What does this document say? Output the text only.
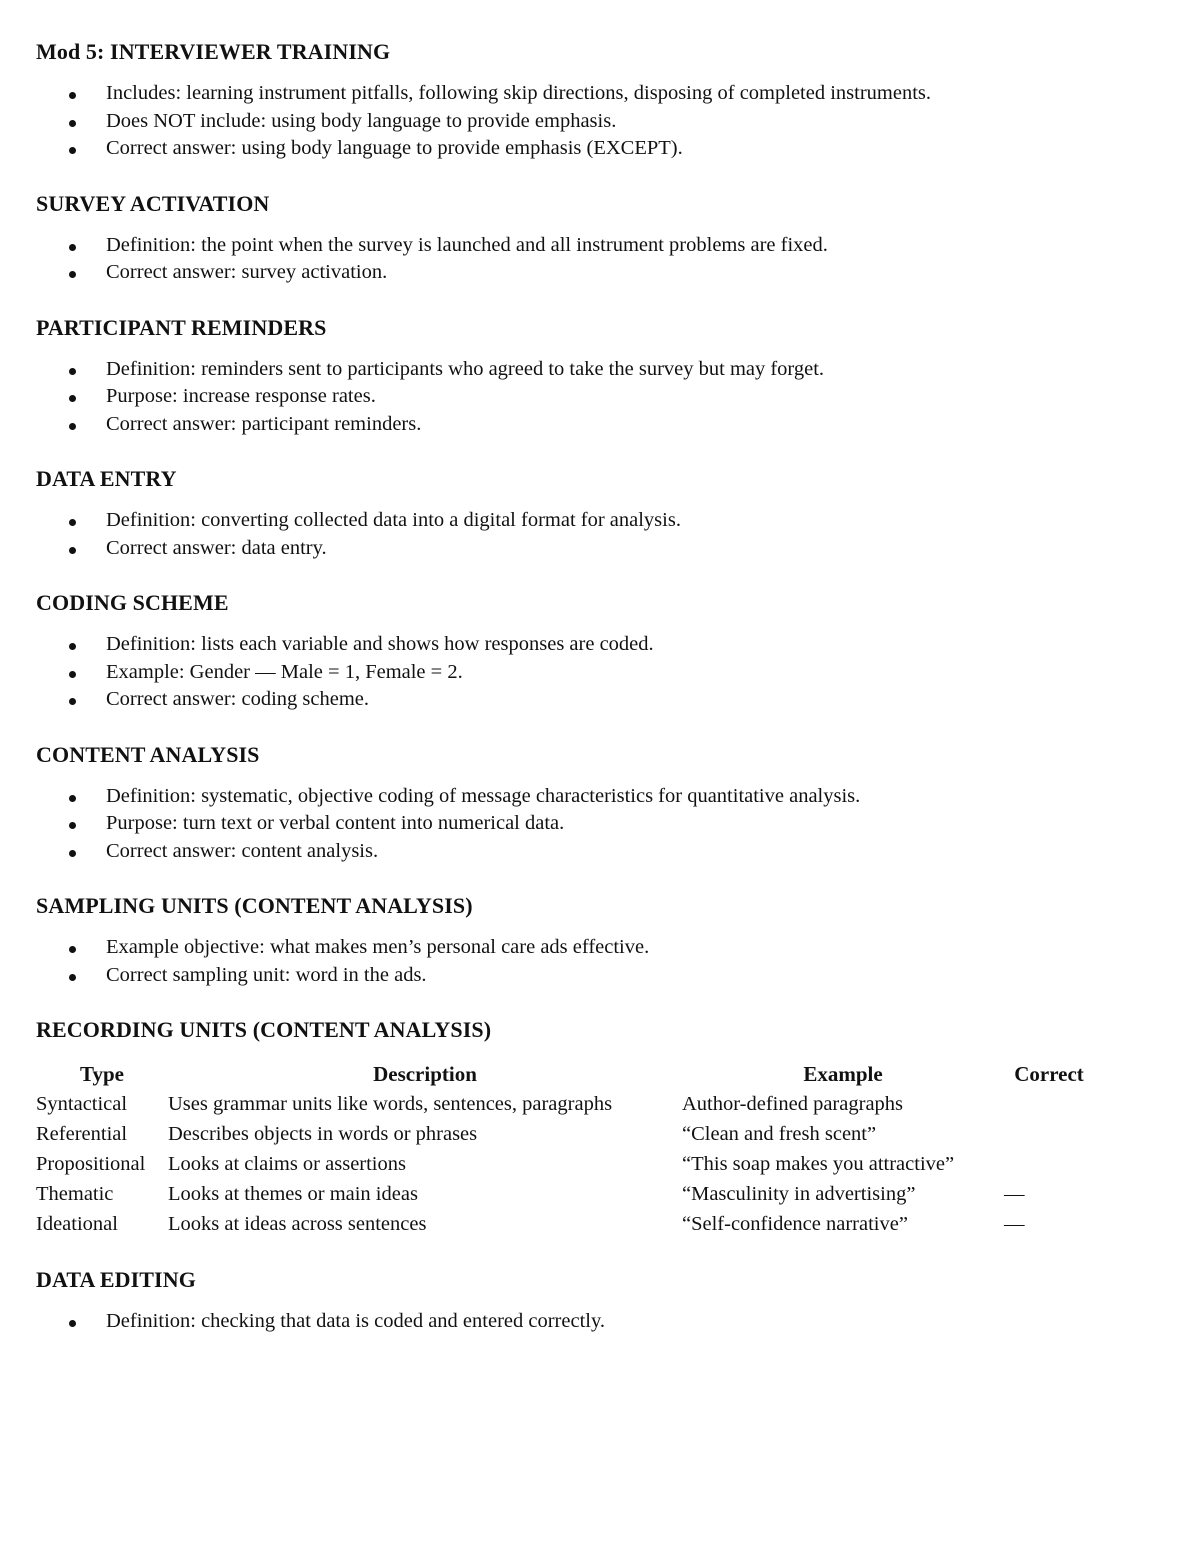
Mod 5: INTERVIEWER TRAINING
Includes: learning instrument pitfalls, following skip directions, disposing of completed instruments.
Does NOT include: using body language to provide emphasis.
Correct answer: using body language to provide emphasis (EXCEPT).
SURVEY ACTIVATION
Definition: the point when the survey is launched and all instrument problems are fixed.
Correct answer: survey activation.
PARTICIPANT REMINDERS
Definition: reminders sent to participants who agreed to take the survey but may forget.
Purpose: increase response rates.
Correct answer: participant reminders.
DATA ENTRY
Definition: converting collected data into a digital format for analysis.
Correct answer: data entry.
CODING SCHEME
Definition: lists each variable and shows how responses are coded.
Example: Gender — Male = 1, Female = 2.
Correct answer: coding scheme.
CONTENT ANALYSIS
Definition: systematic, objective coding of message characteristics for quantitative analysis.
Purpose: turn text or verbal content into numerical data.
Correct answer: content analysis.
SAMPLING UNITS (CONTENT ANALYSIS)
Example objective: what makes men’s personal care ads effective.
Correct sampling unit: word in the ads.
RECORDING UNITS (CONTENT ANALYSIS)
Type	Description	Example	Correct
Syntactical	Uses grammar units like words, sentences, paragraphs	Author-defined paragraphs	
Referential	Describes objects in words or phrases	“Clean and fresh scent”	
Propositional	Looks at claims or assertions	“This soap makes you attractive”	
Thematic	Looks at themes or main ideas	“Masculinity in advertising”	—
Ideational	Looks at ideas across sentences	“Self-confidence narrative”	—
DATA EDITING
Definition: checking that data is coded and entered correctly.
